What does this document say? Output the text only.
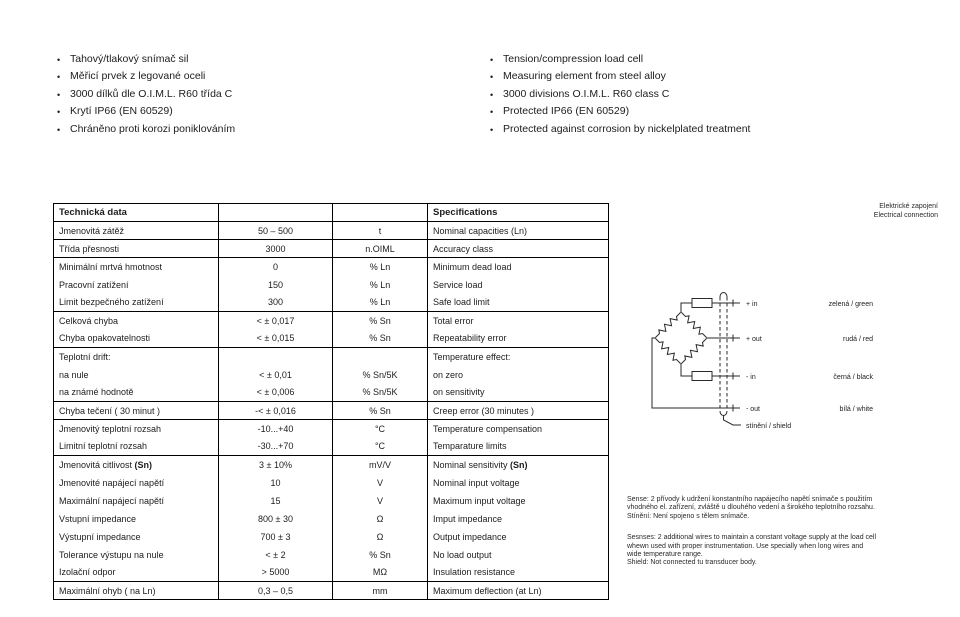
• Tahový/tlakový snímač sil
• Měřicí prvek z legované oceli
• 3000 dílků dle O.I.M.L. R60 třída C
• Krytí IP66 (EN 60529)
• Chráněno proti korozi poniklováním
• Tension/compression load cell
• Measuring element from steel alloy
• 3000 divisions O.I.M.L. R60 class C
• Protected IP66 (EN 60529)
• Protected against corrosion by nickelplated treatment
Technická data			Specifications
Jmenovitá zátěž	50 – 500	t	Nominal capacities (Ln)
Třída přesnosti	3000	n.OIML	Accuracy class
Minimální mrtvá hmotnost	0	% Ln	Minimum dead load
Pracovní zatížení	150	% Ln	Service load
Limit bezpečného zatížení	300	% Ln	Safe load limit
Celková chyba	< ± 0,017	% Sn	Total error
Chyba opakovatelnosti	< ± 0,015	% Sn	Repeatability error
Teplotní drift:			Temperature effect:
na nule	< ± 0,01	% Sn/5K	on zero
na známé hodnotě	< ± 0,006	% Sn/5K	on sensitivity
Chyba tečení ( 30 minut )	-< ± 0,016	% Sn	Creep error (30 minutes )
Jmenovitý teplotní rozsah	-10...+40	°C	Temperature compensation
Limitní teplotní rozsah	-30...+70	°C	Temparature limits
Jmenovitá citlivost (Sn)	3 ± 10%	mV/V	Nominal sensitivity (Sn)
Jmenovité napájecí napětí	10	V	Nominal input voltage
Maximální napájecí napětí	15	V	Maximum input voltage
Vstupní impedance	800 ± 30	Ω	Imput impedance
Výstupní impedance	700 ± 3	Ω	Output impedance
Tolerance výstupu na nule	< ± 2	% Sn	No load output
Izolační odpor	> 5000	MΩ	Insulation resistance
Maximální ohyb ( na Ln)	0,3 – 0,5	mm	Maximum deflection (at Ln)
Elektrické zapojení
Electrical connection
+ in
+ out
- in
- out
stínění / shield
zelená / green
rudá / red
černá / black
bílá / white
Sense: 2 přívody k udržení konstantního napájecího napětí snímače s použitím
vhodného el. zařízení, zvláště u dlouhého vedení a širokého teplotního rozsahu.
Stínění: Není spojeno s tělem snímače.
Sesnses: 2 additional wires to maintain a constant voltage supply at the load cell
whewn used with proper instrumentation. Use specially when long wires and
wide temperature range.
Shield: Not connected tu transducer body.
